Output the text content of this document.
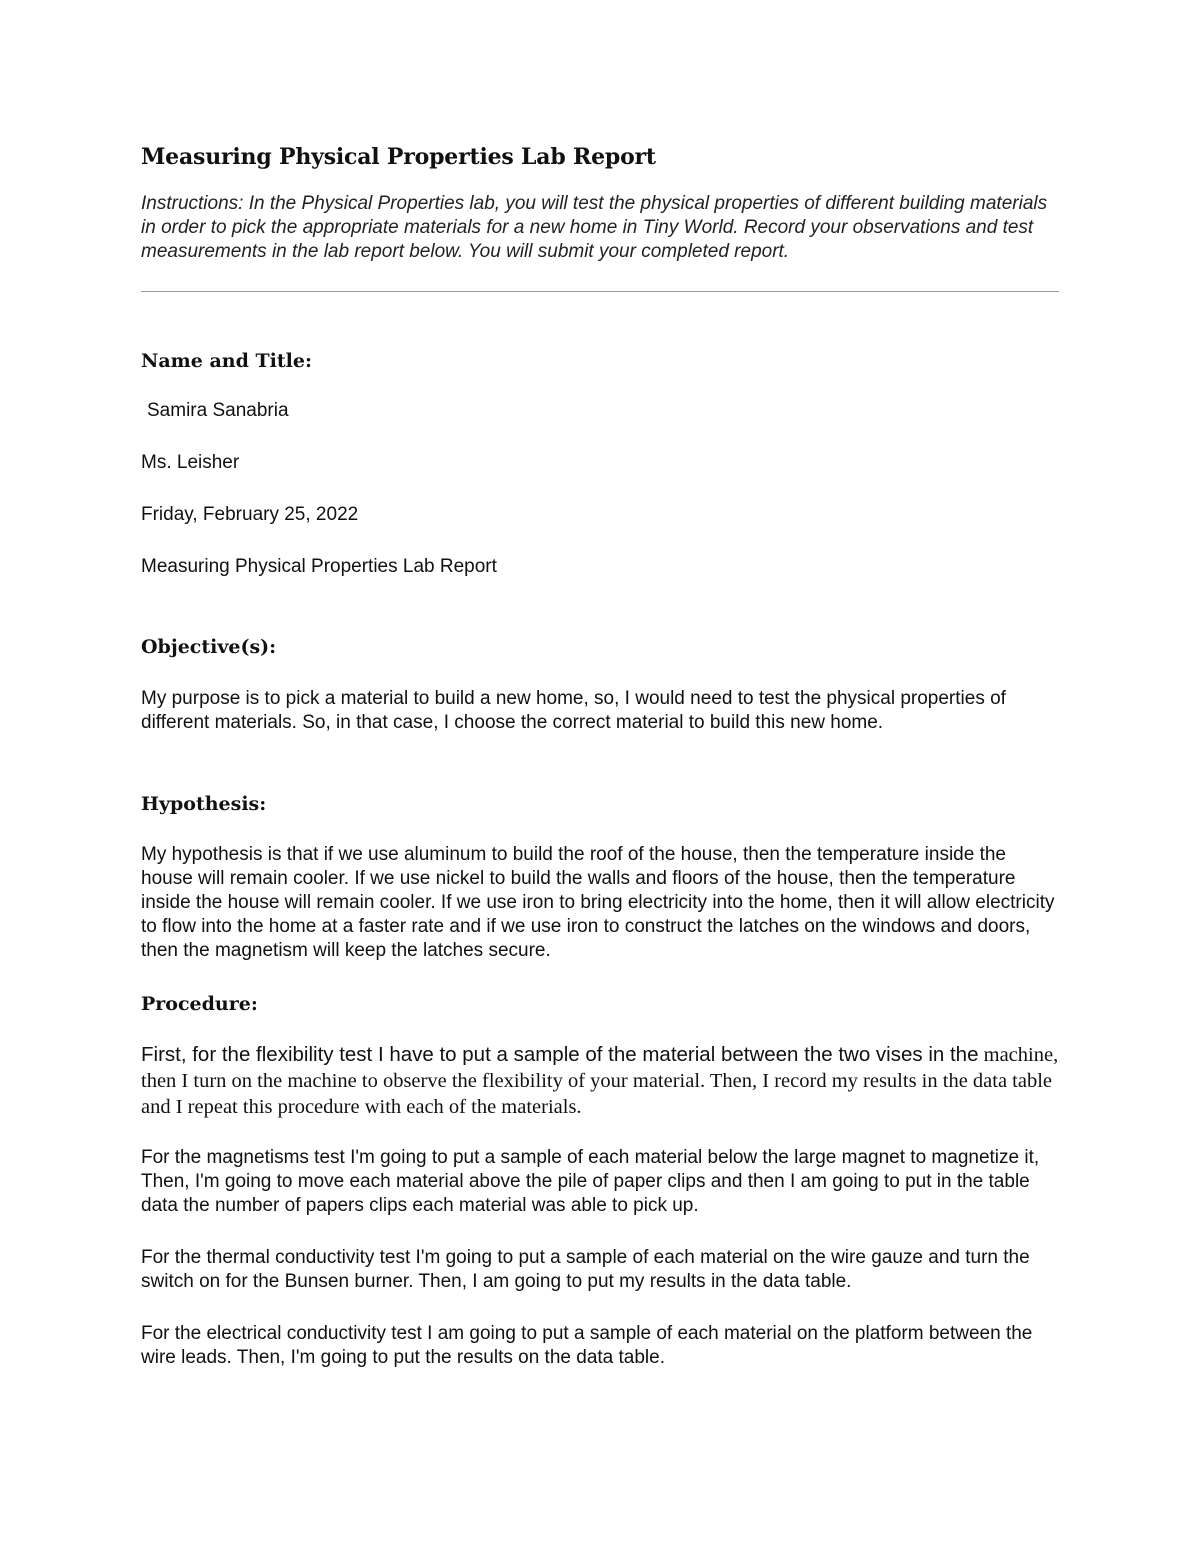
Measuring Physical Properties Lab Report

Instructions: In the Physical Properties lab, you will test the physical properties of different building materials in order to pick the appropriate materials for a new home in Tiny World. Record your observations and test measurements in the lab report below. You will submit your completed report.

Name and Title:

Samira Sanabria

Ms. Leisher

Friday, February 25, 2022

Measuring Physical Properties Lab Report

Objective(s):

My purpose is to pick a material to build a new home, so, I would need to test the physical properties of different materials. So, in that case, I choose the correct material to build this new home.

Hypothesis:

My hypothesis is that if we use aluminum to build the roof of the house, then the temperature inside the house will remain cooler. If we use nickel to build the walls and floors of the house, then the temperature inside the house will remain cooler. If we use iron to bring electricity into the home, then it will allow electricity to flow into the home at a faster rate and if we use iron to construct the latches on the windows and doors, then the magnetism will keep the latches secure.

Procedure:

First, for the flexibility test I have to put a sample of the material between the two vises in the machine, then I turn on the machine to observe the flexibility of your material. Then, I record my results in the data table and I repeat this procedure with each of the materials.

For the magnetisms test I'm going to put a sample of each material below the large magnet to magnetize it, Then, I'm going to move each material above the pile of paper clips and then I am going to put in the table data the number of papers clips each material was able to pick up.

For the thermal conductivity test I'm going to put a sample of each material on the wire gauze and turn the switch on for the Bunsen burner. Then, I am going to put my results in the data table.

For the electrical conductivity test I am going to put a sample of each material on the platform between the wire leads. Then, I'm going to put the results on the data table.
